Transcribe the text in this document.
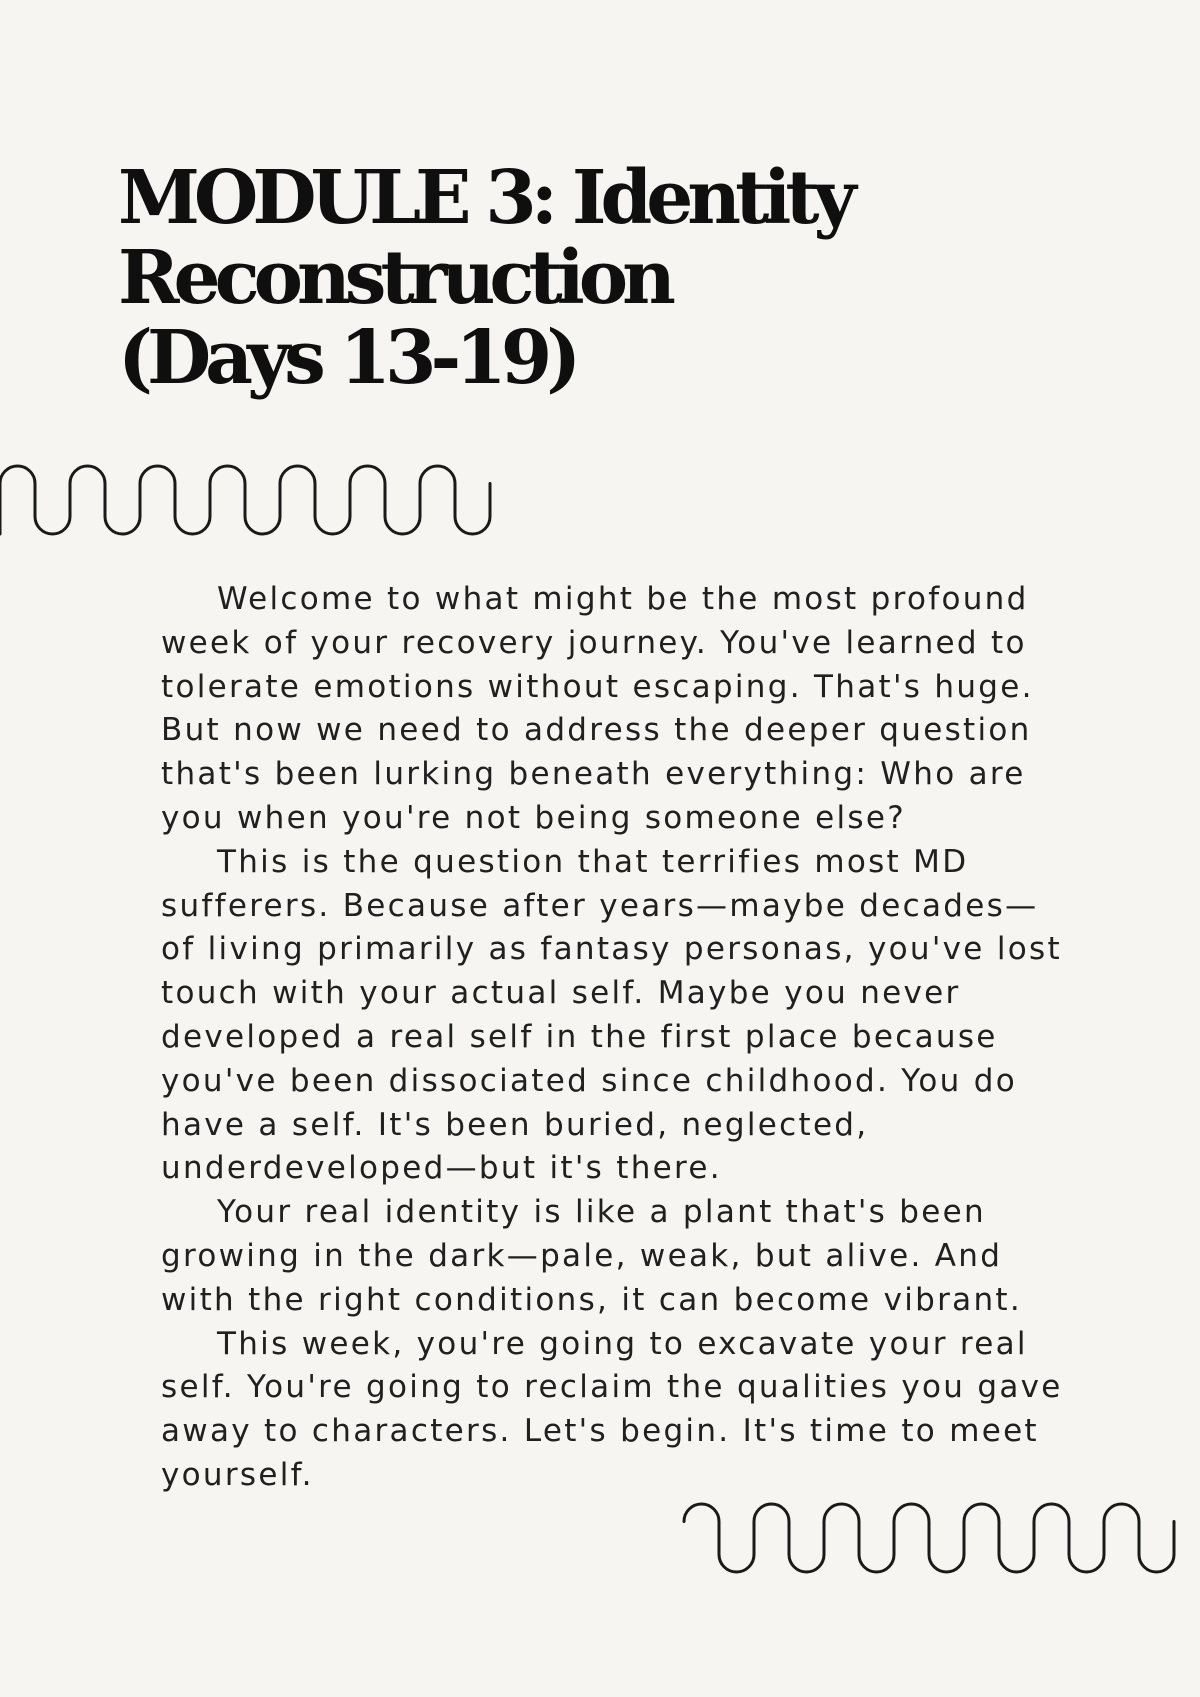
MODULE 3: Identity
Reconstruction
(Days 13-19)
Welcome to what might be the most profound
week of your recovery journey. You've learned to
tolerate emotions without escaping. That's huge.
But now we need to address the deeper question
that's been lurking beneath everything: Who are
you when you're not being someone else?
This is the question that terrifies most MD
sufferers. Because after years—maybe decades—
of living primarily as fantasy personas, you've lost
touch with your actual self. Maybe you never
developed a real self in the first place because
you've been dissociated since childhood. You do
have a self. It's been buried, neglected,
underdeveloped—but it's there.
Your real identity is like a plant that's been
growing in the dark—pale, weak, but alive. And
with the right conditions, it can become vibrant.
This week, you're going to excavate your real
self. You're going to reclaim the qualities you gave
away to characters. Let's begin. It's time to meet
yourself.
